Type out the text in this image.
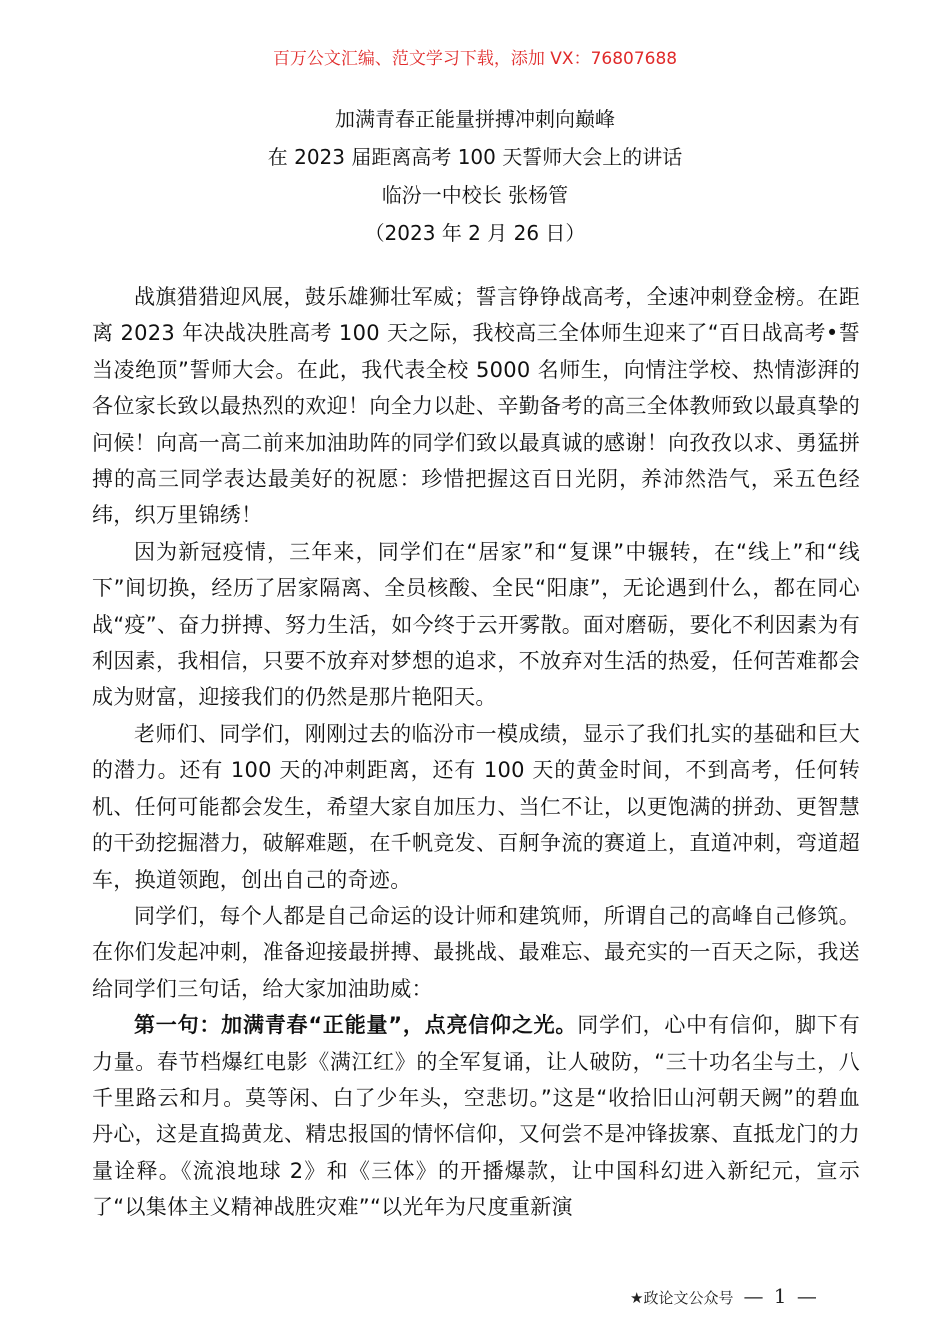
百万公文汇编、范文学习下载，添加 VX：76807688
加满青春正能量拼搏冲刺向巅峰
在 2023 届距离高考 100 天誓师大会上的讲话
临汾一中校长 张杨管
（2023 年 2 月 26 日）

战旗猎猎迎风展，鼓乐雄狮壮军威；誓言铮铮战高考，全速冲刺登金榜。在距离 2023 年决战决胜高考 100 天之际，我校高三全体师生迎来了“百日战高考•誓当凌绝顶”誓师大会。在此，我代表全校 5000 名师生，向情注学校、热情澎湃的各位家长致以最热烈的欢迎！向全力以赴、辛勤备考的高三全体教师致以最真挚的问候！向高一高二前来加油助阵的同学们致以最真诚的感谢！向孜孜以求、勇猛拼搏的高三同学表达最美好的祝愿：珍惜把握这百日光阴，养沛然浩气，采五色经纬，织万里锦绣！

因为新冠疫情，三年来，同学们在“居家”和“复课”中辗转，在“线上”和“线下”间切换，经历了居家隔离、全员核酸、全民“阳康”，无论遇到什么，都在同心战“疫”、奋力拼搏、努力生活，如今终于云开雾散。面对磨砺，要化不利因素为有利因素，我相信，只要不放弃对梦想的追求，不放弃对生活的热爱，任何苦难都会成为财富，迎接我们的仍然是那片艳阳天。

老师们、同学们，刚刚过去的临汾市一模成绩，显示了我们扎实的基础和巨大的潜力。还有 100 天的冲刺距离，还有 100 天的黄金时间，不到高考，任何转机、任何可能都会发生，希望大家自加压力、当仁不让，以更饱满的拼劲、更智慧的干劲挖掘潜力，破解难题，在千帆竞发、百舸争流的赛道上，直道冲刺，弯道超车，换道领跑，创出自己的奇迹。

同学们，每个人都是自己命运的设计师和建筑师，所谓自己的高峰自己修筑。在你们发起冲刺，准备迎接最拼搏、最挑战、最难忘、最充实的一百天之际，我送给同学们三句话，给大家加油助威：

第一句：加满青春“正能量”，点亮信仰之光。同学们，心中有信仰，脚下有力量。春节档爆红电影《满江红》的全军复诵，让人破防，“三十功名尘与土，八千里路云和月。莫等闲、白了少年头，空悲切。”这是“收拾旧山河朝天阙”的碧血丹心，这是直捣黄龙、精忠报国的情怀信仰，又何尝不是冲锋拔寨、直抵龙门的力量诠释。《流浪地球 2》和《三体》的开播爆款，让中国科幻进入新纪元，宣示了“以集体主义精神战胜灾难”“以光年为尺度重新演

★政论文公众号 — 1 —
